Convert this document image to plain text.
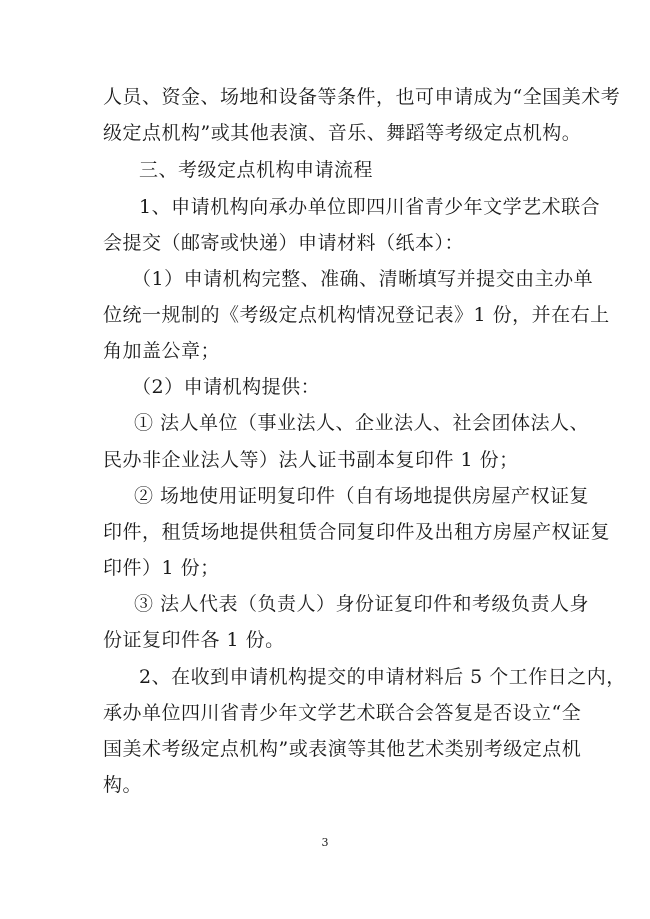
人员、资金、场地和设备等条件，也可申请成为“全国美术考
级定点机构”或其他表演、音乐、舞蹈等考级定点机构。
三、考级定点机构申请流程
1、申请机构向承办单位即四川省青少年文学艺术联合
会提交（邮寄或快递）申请材料（纸本）：
（1）申请机构完整、准确、清晰填写并提交由主办单
位统一规制的《考级定点机构情况登记表》1 份，并在右上
角加盖公章；
（2）申请机构提供：
① 法人单位（事业法人、企业法人、社会团体法人、
民办非企业法人等）法人证书副本复印件 1 份；
② 场地使用证明复印件（自有场地提供房屋产权证复
印件，租赁场地提供租赁合同复印件及出租方房屋产权证复
印件）1 份；
③ 法人代表（负责人）身份证复印件和考级负责人身
份证复印件各 1 份。
2、在收到申请机构提交的申请材料后 5 个工作日之内，
承办单位四川省青少年文学艺术联合会答复是否设立“全
国美术考级定点机构”或表演等其他艺术类别考级定点机
构。
3
